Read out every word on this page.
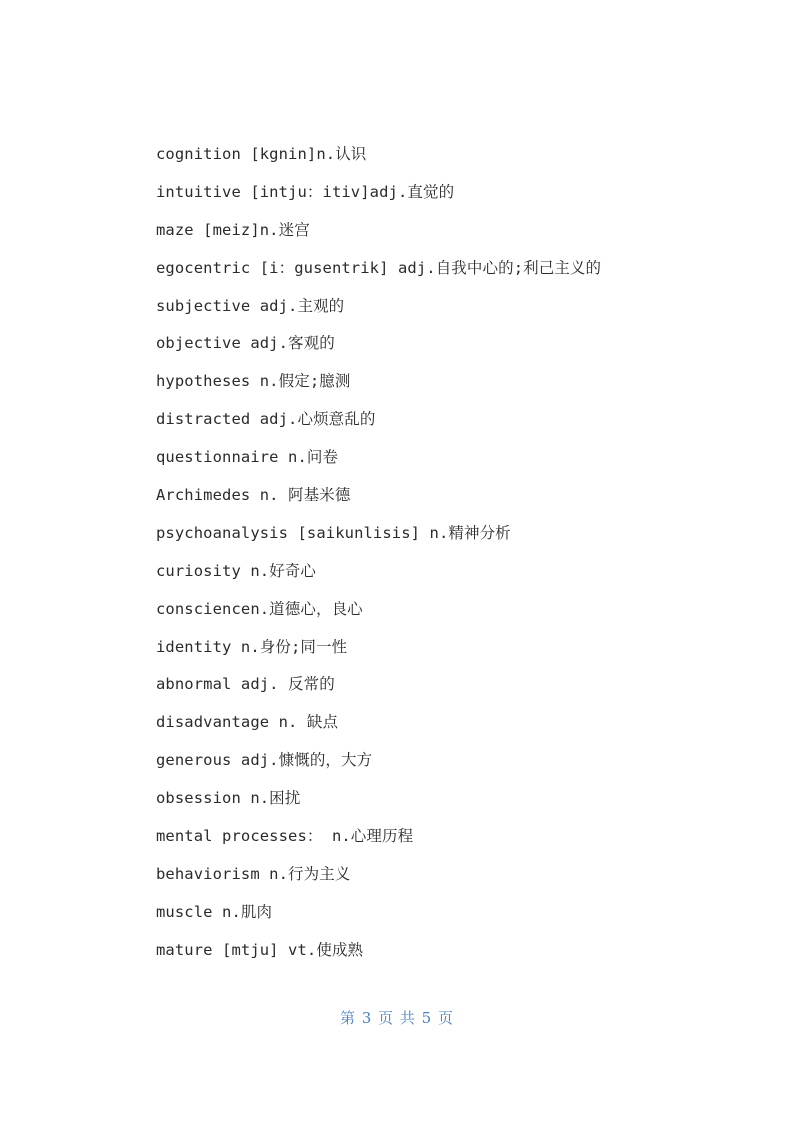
cognition [kgnin]n.认识
intuitive [intju：itiv]adj.直觉的
maze [meiz]n.迷宫
egocentric [i：gusentrik] adj.自我中心的;利己主义的
subjective adj.主观的
objective adj.客观的
hypotheses n.假定;臆测
distracted adj.心烦意乱的
questionnaire n.问卷
Archimedes n. 阿基米德
psychoanalysis [saikunlisis] n.精神分析
curiosity n.好奇心
consciencen.道德心，良心
identity n.身份;同一性
abnormal adj. 反常的
disadvantage n. 缺点
generous adj.慷慨的，大方
obsession n.困扰
mental processes： n.心理历程
behaviorism n.行为主义
muscle n.肌肉
mature [mtju] vt.使成熟
第 3 页 共 5 页
